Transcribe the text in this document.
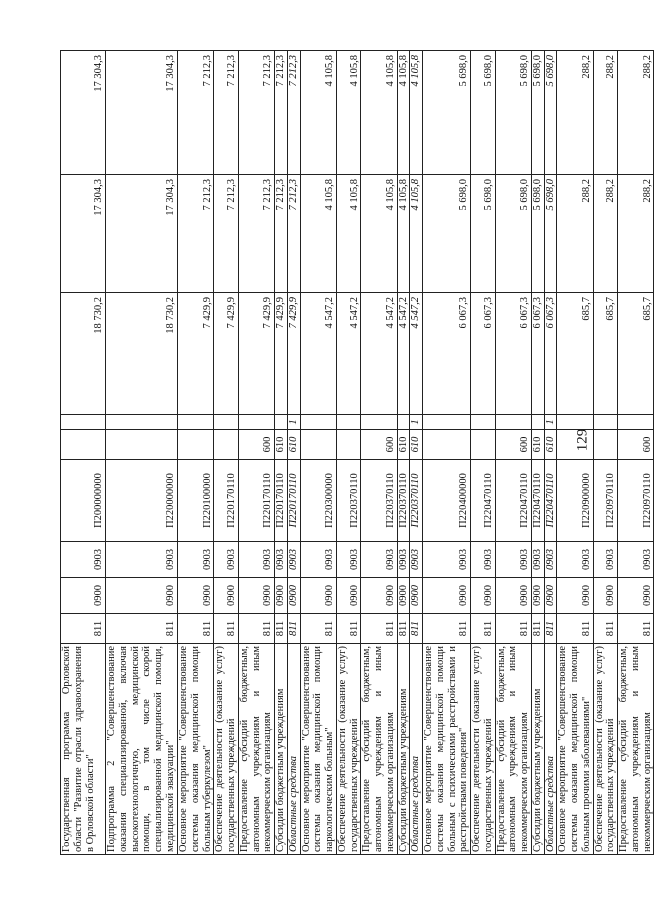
129
Государственная программа Орловской области "Развитие отрасли здравоохранения в Орловской области"	811	0900	0903	П200000000			18 730,2	17 304,3	17 304,3
Подпрограмма 2 "Совершенствование оказания специализированной, включая высокотехнологичную, медицинской помощи, в том числе скорой специализированной медицинской помощи, медицинской эвакуации"	811	0900	0903	П220000000			18 730,2	17 304,3	17 304,3
Основное мероприятие "Совершенствование системы оказания медицинской помощи больным туберкулезом"	811	0900	0903	П220100000			7 429,9	7 212,3	7 212,3
Обеспечение деятельности (оказание услуг) государственных учреждений	811	0900	0903	П220170110			7 429,9	7 212,3	7 212,3
Предоставление субсидий бюджетным, автономным учреждениям и иным некоммерческим организациям	811	0900	0903	П220170110	600		7 429,9	7 212,3	7 212,3
Субсидии бюджетным учреждениям	811	0900	0903	П220170110	610		7 429,9	7 212,3	7 212,3
Областные средства	811	0900	0903	П220170110	610	1	7 429,9	7 212,3	7 212,3
Основное мероприятие "Совершенствование системы оказания медицинской помощи наркологическим больным"	811	0900	0903	П220300000			4 547,2	4 105,8	4 105,8
Обеспечение деятельности (оказание услуг) государственных учреждений	811	0900	0903	П220370110			4 547,2	4 105,8	4 105,8
Предоставление субсидий бюджетным, автономным учреждениям и иным некоммерческим организациям	811	0900	0903	П220370110	600		4 547,2	4 105,8	4 105,8
Субсидии бюджетным учреждениям	811	0900	0903	П220370110	610		4 547,2	4 105,8	4 105,8
Областные средства	811	0900	0903	П220370110	610	1	4 547,2	4 105,8	4 105,8
Основное мероприятие "Совершенствование системы оказания медицинской помощи больным с психическими расстройствами и расстройствами поведения"	811	0900	0903	П220400000			6 067,3	5 698,0	5 698,0
Обеспечение деятельности (оказание услуг) государственных учреждений	811	0900	0903	П220470110			6 067,3	5 698,0	5 698,0
Предоставление субсидий бюджетным, автономным учреждениям и иным некоммерческим организациям	811	0900	0903	П220470110	600		6 067,3	5 698,0	5 698,0
Субсидии бюджетным учреждениям	811	0900	0903	П220470110	610		6 067,3	5 698,0	5 698,0
Областные средства	811	0900	0903	П220470110	610	1	6 067,3	5 698,0	5 698,0
Основное мероприятие "Совершенствование системы оказания медицинской помощи больным прочими заболеваниями"	811	0900	0903	П220900000			685,7	288,2	288,2
Обеспечение деятельности (оказание услуг) государственных учреждений	811	0900	0903	П220970110			685,7	288,2	288,2
Предоставление субсидий бюджетным, автономным учреждениям и иным некоммерческим организациям	811	0900	0903	П220970110	600		685,7	288,2	288,2
